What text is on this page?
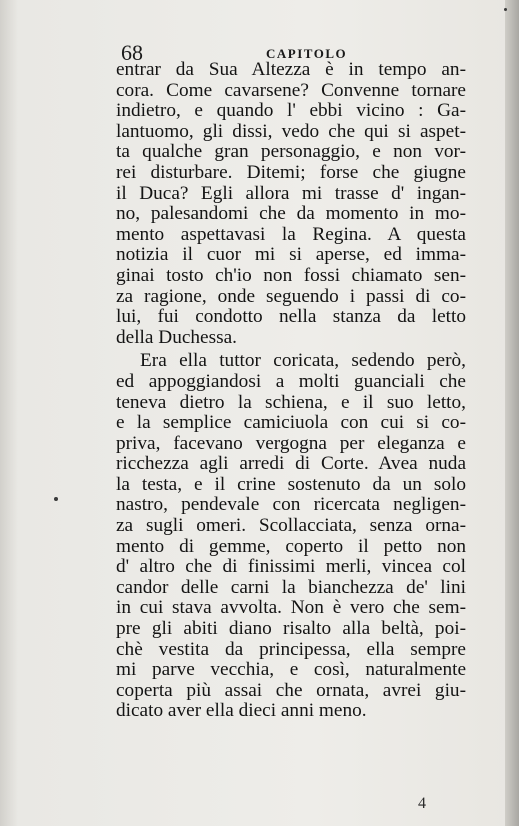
68	CAPITOLO
entrar da Sua Altezza è in tempo an-
cora. Come cavarsene? Convenne tornare
indietro, e quando l' ebbi vicino : Ga-
lantuomo, gli dissi, vedo che qui si aspet-
ta qualche gran personaggio, e non vor-
rei disturbare. Ditemi; forse che giugne
il Duca? Egli allora mi trasse d' ingan-
no, palesandomi che da momento in mo-
mento aspettavasi la Regina. A questa
notizia il cuor mi si aperse, ed imma-
ginai tosto ch'io non fossi chiamato sen-
za ragione, onde seguendo i passi di co-
lui, fui condotto nella stanza da letto
della Duchessa.
Era ella tuttor coricata, sedendo però,
ed appoggiandosi a molti guanciali che
teneva dietro la schiena, e il suo letto,
e la semplice camiciuola con cui si co-
priva, facevano vergogna per eleganza e
ricchezza agli arredi di Corte. Avea nuda
la testa, e il crine sostenuto da un solo
nastro, pendevale con ricercata negligen-
za sugli omeri. Scollacciata, senza orna-
mento di gemme, coperto il petto non
d' altro che di finissimi merli, vincea col
candor delle carni la bianchezza de' lini
in cui stava avvolta. Non è vero che sem-
pre gli abiti diano risalto alla beltà, poi-
chè vestita da principessa, ella sempre
mi parve vecchia, e così, naturalmente
coperta più assai che ornata, avrei giu-
dicato aver ella dieci anni meno.
4
